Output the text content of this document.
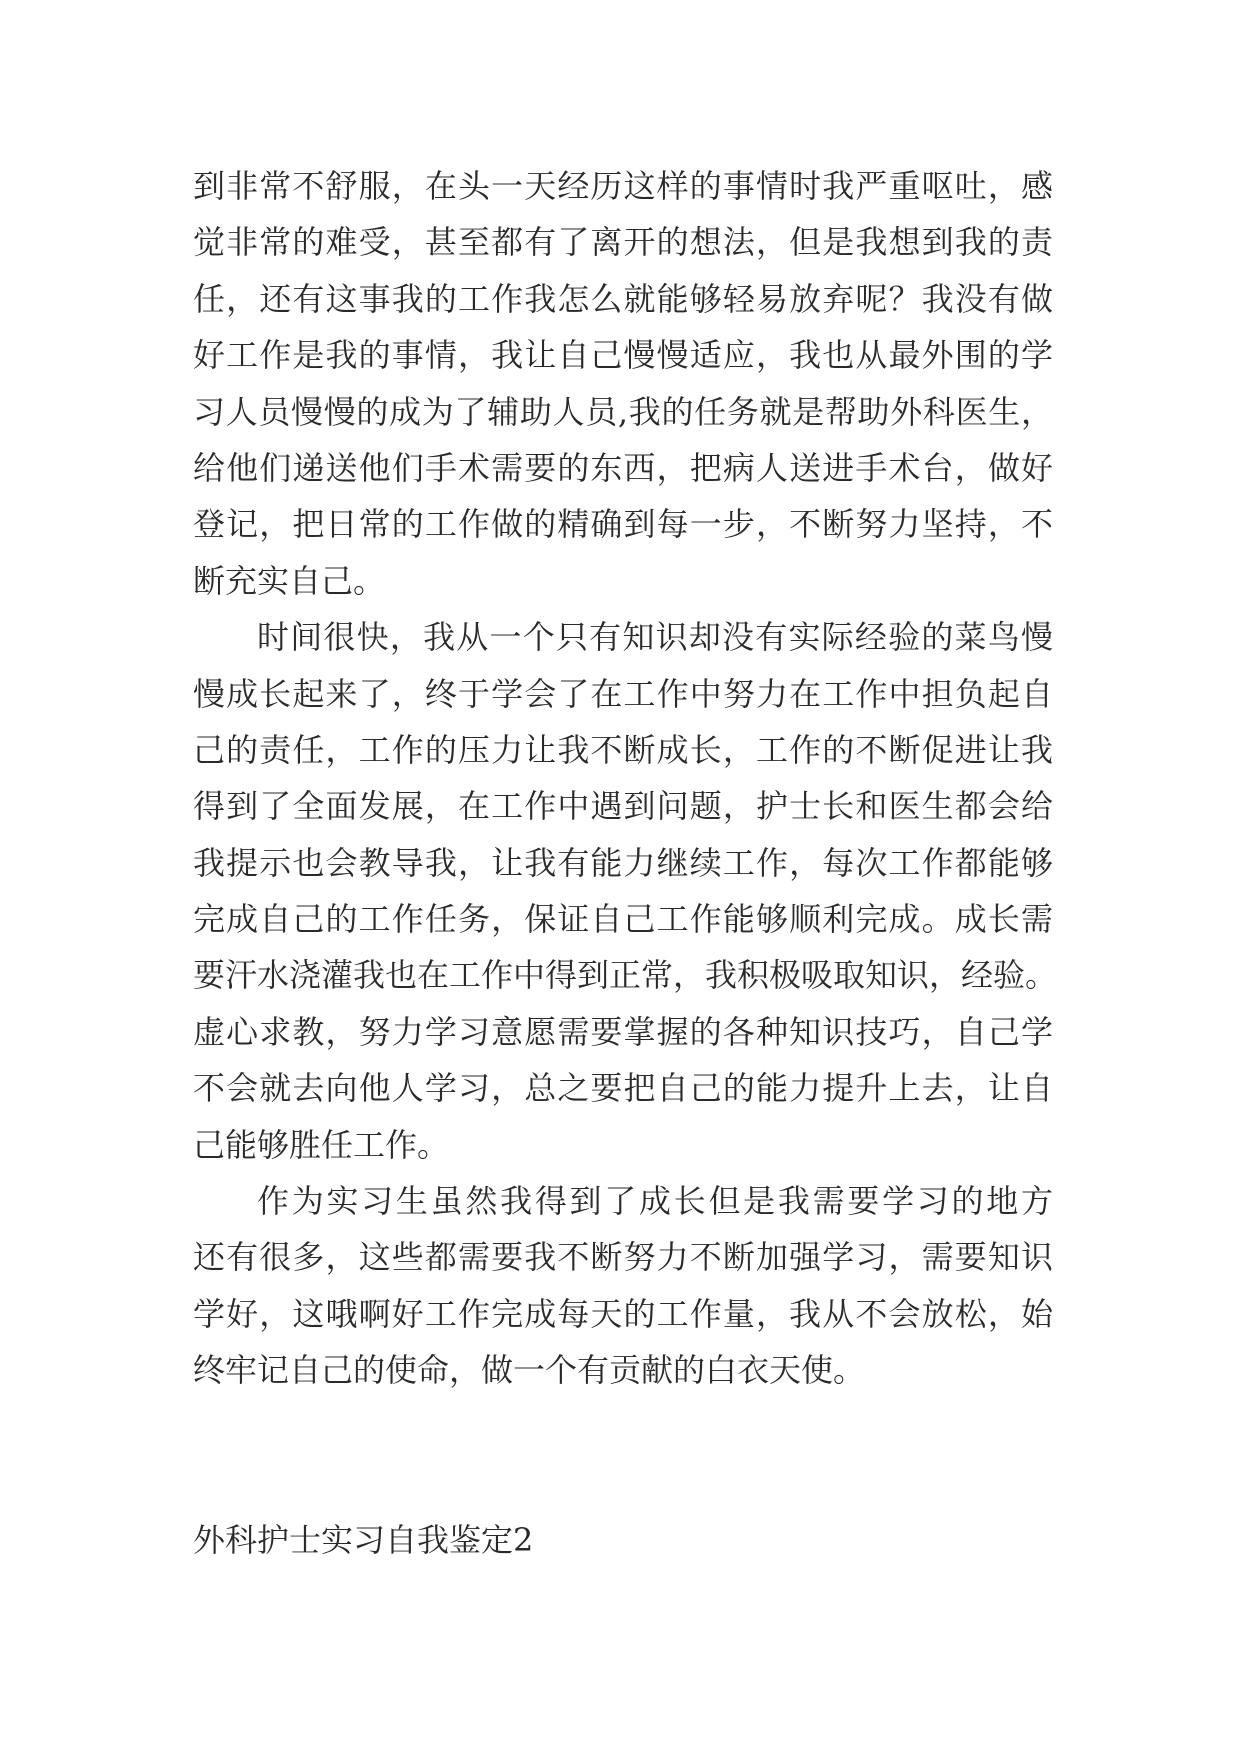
到非常不舒服，在头一天经历这样的事情时我严重呕吐，感
觉非常的难受，甚至都有了离开的想法，但是我想到我的责
任，还有这事我的工作我怎么就能够轻易放弃呢？我没有做
好工作是我的事情，我让自己慢慢适应，我也从最外围的学
习人员慢慢的成为了辅助人员,我的任务就是帮助外科医生，
给他们递送他们手术需要的东西，把病人送进手术台，做好
登记，把日常的工作做的精确到每一步，不断努力坚持，不
断充实自己。
时间很快，我从一个只有知识却没有实际经验的菜鸟慢
慢成长起来了，终于学会了在工作中努力在工作中担负起自
己的责任，工作的压力让我不断成长，工作的不断促进让我
得到了全面发展，在工作中遇到问题，护士长和医生都会给
我提示也会教导我，让我有能力继续工作，每次工作都能够
完成自己的工作任务，保证自己工作能够顺利完成。成长需
要汗水浇灌我也在工作中得到正常，我积极吸取知识，经验。
虚心求教，努力学习意愿需要掌握的各种知识技巧，自己学
不会就去向他人学习，总之要把自己的能力提升上去，让自
己能够胜任工作。
作为实习生虽然我得到了成长但是我需要学习的地方
还有很多，这些都需要我不断努力不断加强学习，需要知识
学好，这哦啊好工作完成每天的工作量，我从不会放松，始
终牢记自己的使命，做一个有贡献的白衣天使。
外科护士实习自我鉴定2
